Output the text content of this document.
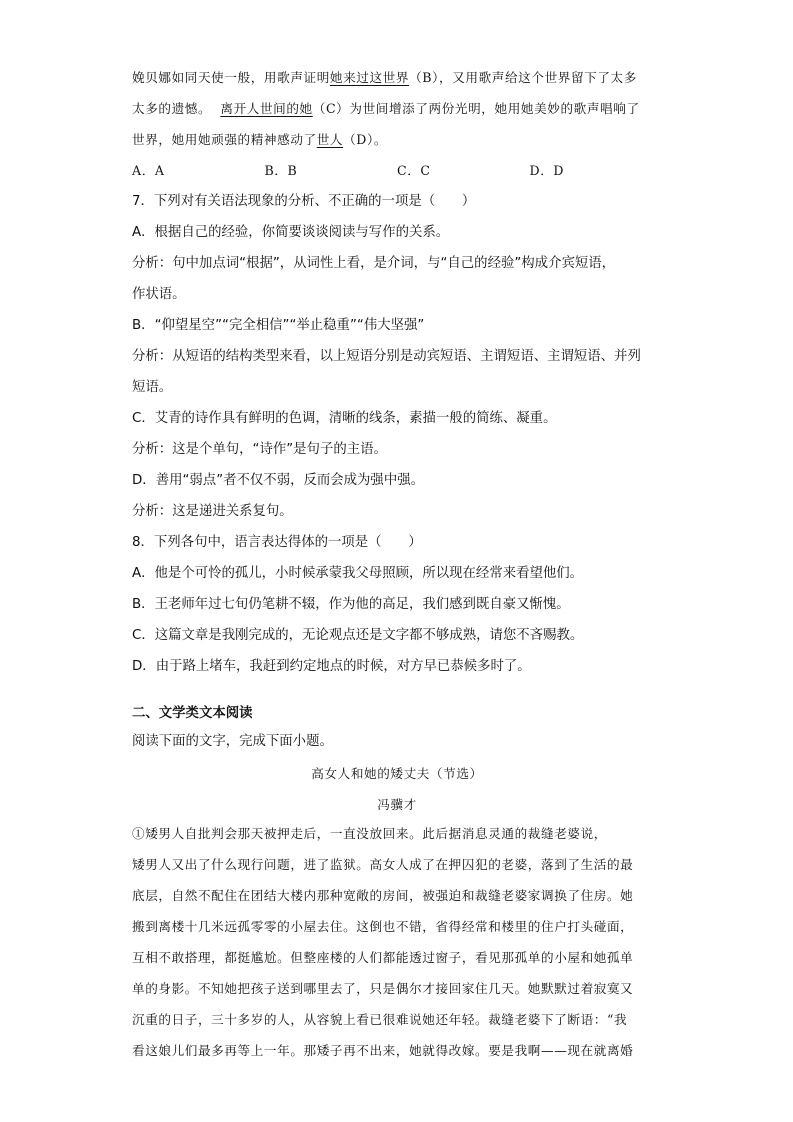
娩贝娜如同天使一般，用歌声证明她来过这世界（B），又用歌声给这个世界留下了太多
太多的遗憾。 离开人世间的她（C）为世间增添了两份光明，她用她美妙的歌声唱响了
世界，她用她顽强的精神感动了世人（D）。
A．A	B．B	C．C	D．D
7．下列对有关语法现象的分析、不正确的一项是（　　）
A．根据自己的经验，你简要谈谈阅读与写作的关系。
分析：句中加点词“根据”，从词性上看，是介词，与“自己的经验”构成介宾短语，
作状语。
B．“仰望星空”“完全相信”“举止稳重”“伟大坚强”
分析：从短语的结构类型来看，以上短语分别是动宾短语、主谓短语、主谓短语、并列
短语。
C．艾青的诗作具有鲜明的色调，清晰的线条，素描一般的简练、凝重。
分析：这是个单句，“诗作”是句子的主语。
D．善用“弱点”者不仅不弱，反而会成为强中强。
分析：这是递进关系复句。
8．下列各句中，语言表达得体的一项是（　　）
A．他是个可怜的孤儿，小时候承蒙我父母照顾，所以现在经常来看望他们。
B．王老师年过七旬仍笔耕不辍，作为他的高足，我们感到既自豪又惭愧。
C．这篇文章是我刚完成的，无论观点还是文字都不够成熟，请您不吝赐教。
D．由于路上堵车，我赶到约定地点的时候，对方早已恭候多时了。
二、文学类文本阅读
阅读下面的文字，完成下面小题。
高女人和她的矮丈夫（节选）
冯骥才
①矮男人自批判会那天被押走后，一直没放回来。此后据消息灵通的裁缝老婆说，
矮男人又出了什么现行问题，进了监狱。高女人成了在押囚犯的老婆，落到了生活的最
底层，自然不配住在团结大楼内那种宽敞的房间，被强迫和裁缝老婆家调换了住房。她
搬到离楼十几米远孤零零的小屋去住。这倒也不错，省得经常和楼里的住户打头碰面，
互相不敢搭理，都挺尴尬。但整座楼的人们都能透过窗子，看见那孤单的小屋和她孤单
单的身影。不知她把孩子送到哪里去了，只是偶尔才接回家住几天。她默默过着寂寞又
沉重的日子，三十多岁的人，从容貌上看已很难说她还年轻。裁缝老婆下了断语：“我
看这娘儿们最多再等上一年。那矮子再不出来，她就得改嫁。要是我啊——现在就离婚
